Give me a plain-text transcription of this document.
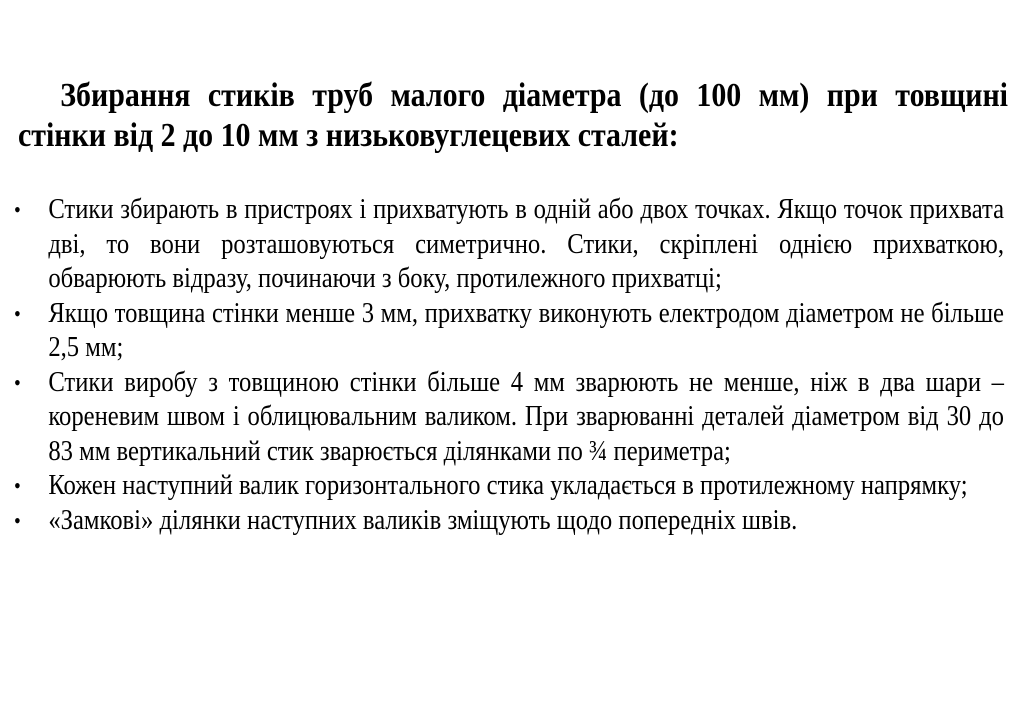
Збирання стиків труб малого діаметра (до 100 мм) при товщині стінки від 2 до 10 мм з низьковуглецевих сталей:
• Стики збирають в пристроях і прихватують в одній або двох точках. Якщо точок прихвата дві, то вони розташовуються симетрично. Стики, скріплені однією прихваткою, обварюють відразу, починаючи з боку, протилежного прихватці;
• Якщо товщина стінки менше 3 мм, прихватку виконують електродом діаметром не більше 2,5 мм;
• Стики виробу з товщиною стінки більше 4 мм зварюють не менше, ніж в два шари – кореневим швом і облицювальним валиком. При зварюванні деталей діаметром від 30 до 83 мм вертикальний стик зварюється ділянками по ¾ периметра;
• Кожен наступний валик горизонтального стика укладається в протилежному напрямку;
• «Замкові» ділянки наступних валиків зміщують щодо попередніх швів.
